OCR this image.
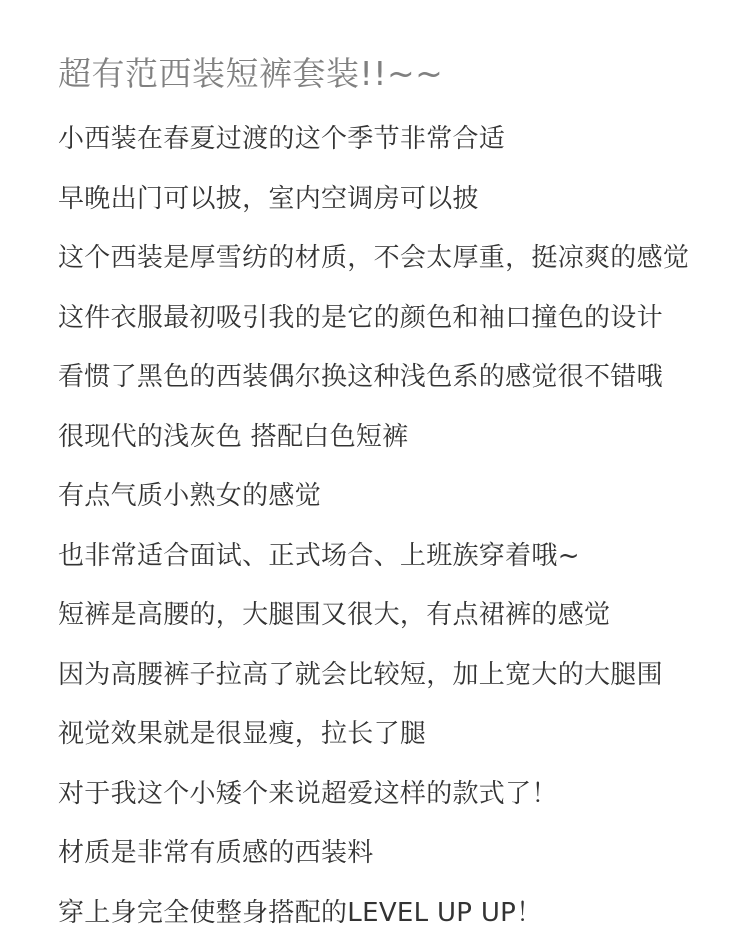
超有范西装短裤套装!!~~
小西装在春夏过渡的这个季节非常合适
早晚出门可以披，室内空调房可以披
这个西装是厚雪纺的材质，不会太厚重，挺凉爽的感觉
这件衣服最初吸引我的是它的颜色和袖口撞色的设计
看惯了黑色的西装偶尔换这种浅色系的感觉很不错哦
很现代的浅灰色 搭配白色短裤
有点气质小熟女的感觉
也非常适合面试、正式场合、上班族穿着哦~
短裤是高腰的，大腿围又很大，有点裙裤的感觉
因为高腰裤子拉高了就会比较短，加上宽大的大腿围
视觉效果就是很显瘦，拉长了腿
对于我这个小矮个来说超爱这样的款式了！
材质是非常有质感的西装料
穿上身完全使整身搭配的LEVEL UP UP！
